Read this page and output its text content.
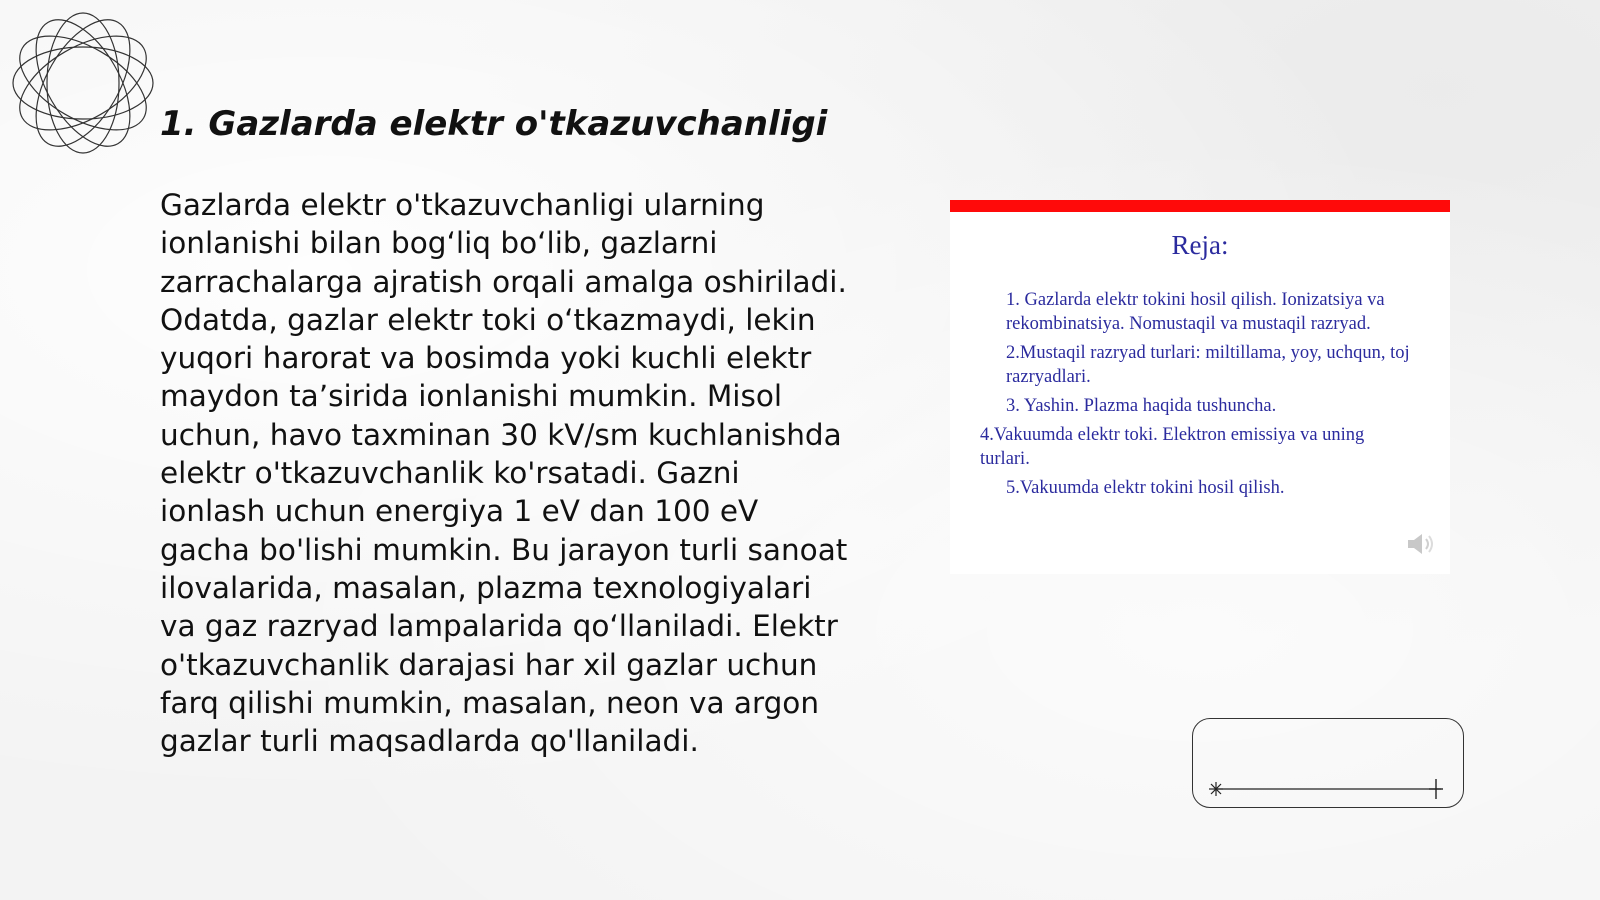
1. Gazlarda elektr o'tkazuvchanligi

Gazlarda elektr o'tkazuvchanligi ularning ionlanishi bilan bog‘liq bo‘lib, gazlarni zarrachalarga ajratish orqali amalga oshiriladi. Odatda, gazlar elektr toki o‘tkazmaydi, lekin yuqori harorat va bosimda yoki kuchli elektr maydon ta’sirida ionlanishi mumkin. Misol uchun, havo taxminan 30 kV/sm kuchlanishda elektr o'tkazuvchanlik ko'rsatadi. Gazni ionlash uchun energiya 1 eV dan 100 eV gacha bo'lishi mumkin. Bu jarayon turli sanoat ilovalarida, masalan, plazma texnologiyalari va gaz razryad lampalarida qo‘llaniladi. Elektr o'tkazuvchanlik darajasi har xil gazlar uchun farq qilishi mumkin, masalan, neon va argon gazlar turli maqsadlarda qo'llaniladi.

Reja:
1. Gazlarda elektr tokini hosil qilish. Ionizatsiya va rekombinatsiya. Nomustaqil va mustaqil razryad.
2.Mustaqil razryad turlari: miltillama, yoy, uchqun, toj razryadlari.
3. Yashin. Plazma haqida tushuncha.
4.Vakuumda elektr toki. Elektron emissiya va uning turlari.
5.Vakuumda elektr tokini hosil qilish.
